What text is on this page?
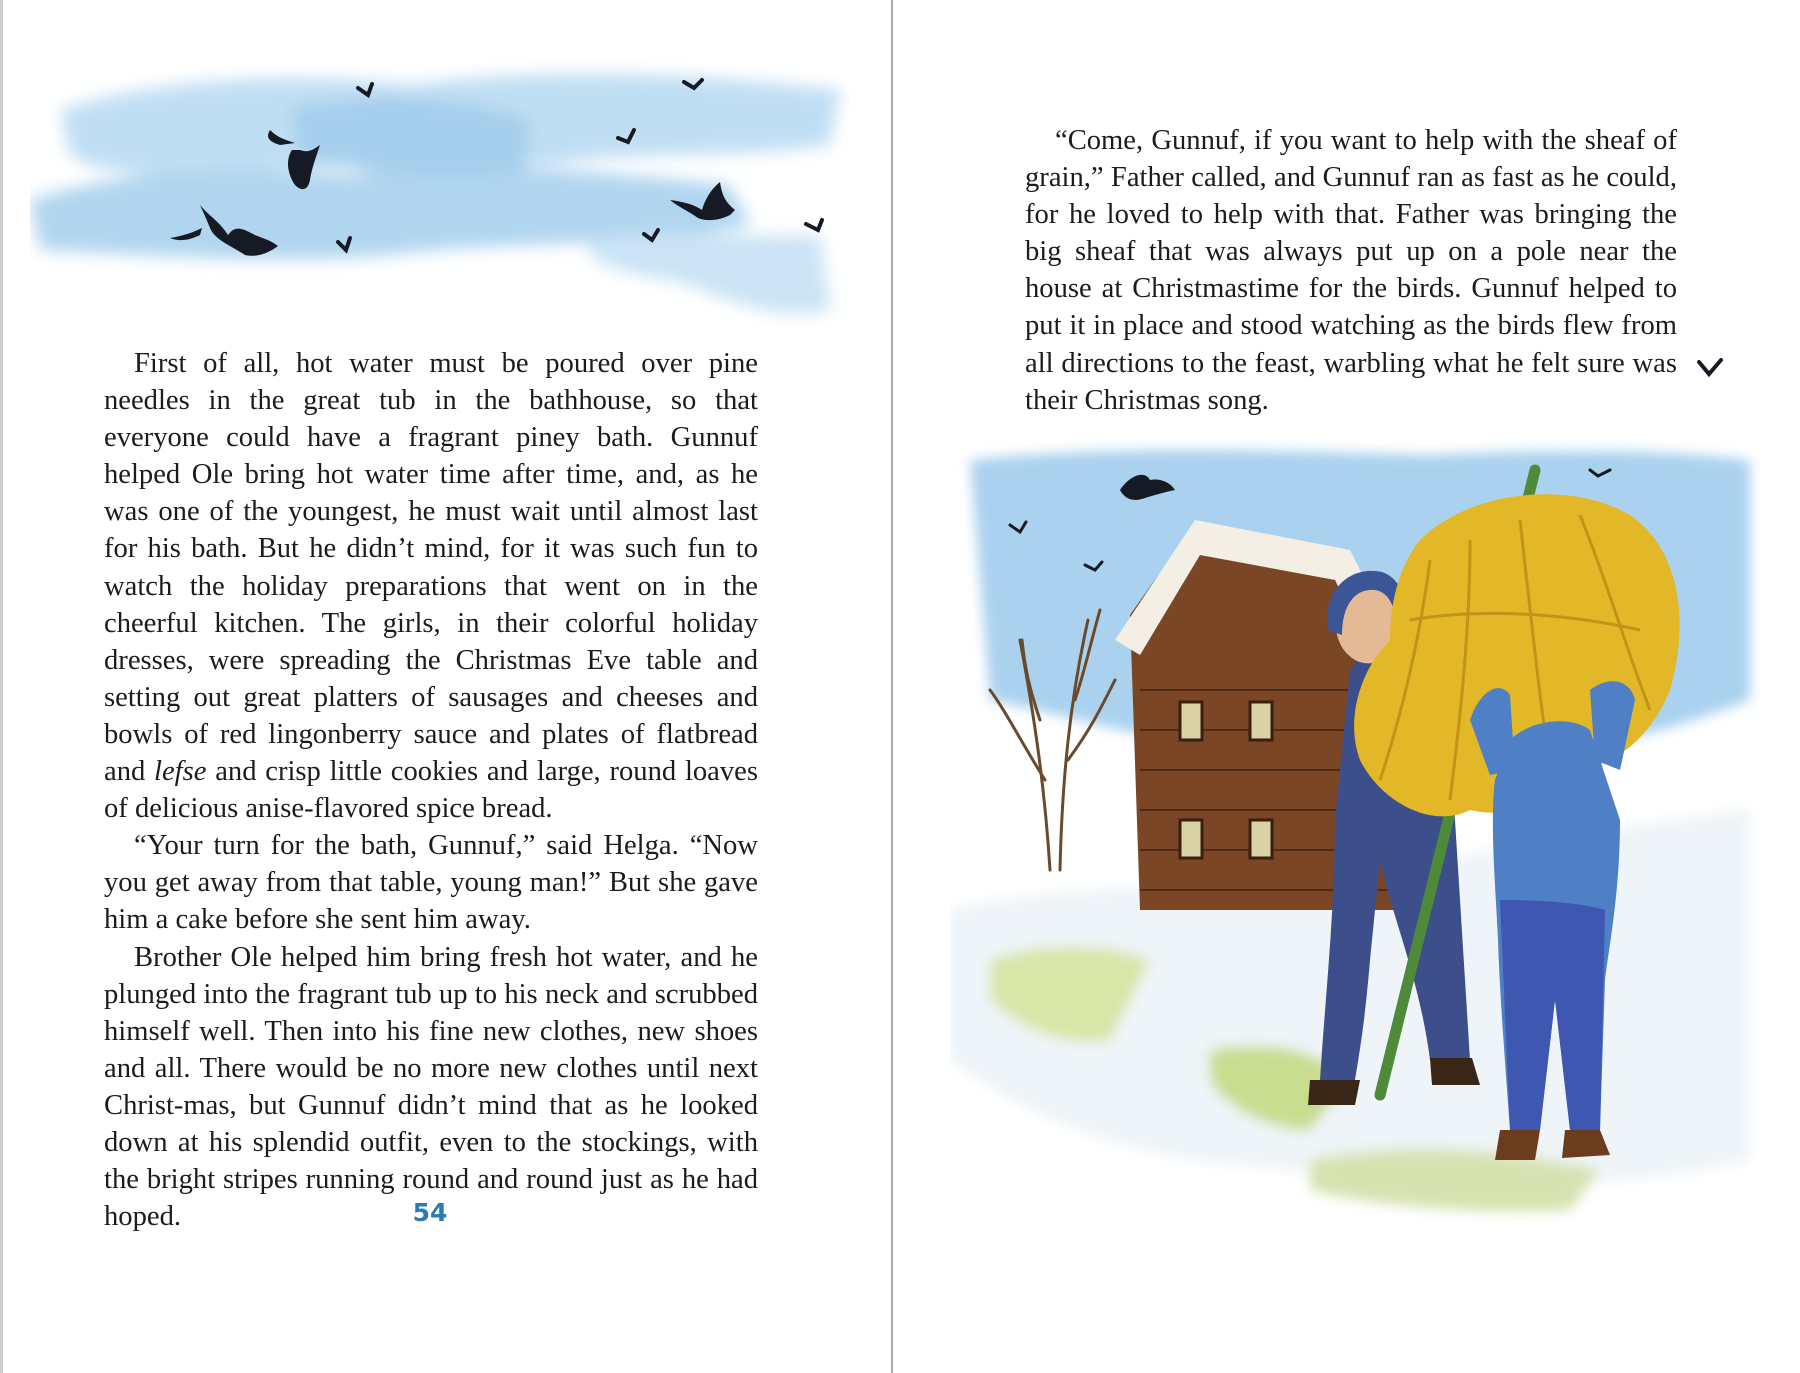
First of all, hot water must be poured over pine needles in the great tub in the bathhouse, so that everyone could have a fragrant piney bath. Gunnuf helped Ole bring hot water time after time, and, as he was one of the youngest, he must wait until almost last for his bath. But he didn’t mind, for it was such fun to watch the holiday preparations that went on in the cheerful kitchen. The girls, in their colorful holiday dresses, were spreading the Christmas Eve table and setting out great platters of sausages and cheeses and bowls of red lingonberry sauce and plates of flatbread and lefse and crisp little cookies and large, round loaves of delicious anise-flavored spice bread.

“Your turn for the bath, Gunnuf,” said Helga. “Now you get away from that table, young man!” But she gave him a cake before she sent him away.

Brother Ole helped him bring fresh hot water, and he plunged into the fragrant tub up to his neck and scrubbed himself well. Then into his fine new clothes, new shoes and all. There would be no more new clothes until next Christ-mas, but Gunnuf didn’t mind that as he looked down at his splendid outfit, even to the stockings, with the bright stripes running round and round just as he had hoped.	54

“Come, Gunnuf, if you want to help with the sheaf of grain,” Father called, and Gunnuf ran as fast as he could, for he loved to help with that. Father was bringing the big sheaf that was always put up on a pole near the house at Christmastime for the birds. Gunnuf helped to put it in place and stood watching as the birds flew from all directions to the feast, warbling what he felt sure was their Christmas song.
